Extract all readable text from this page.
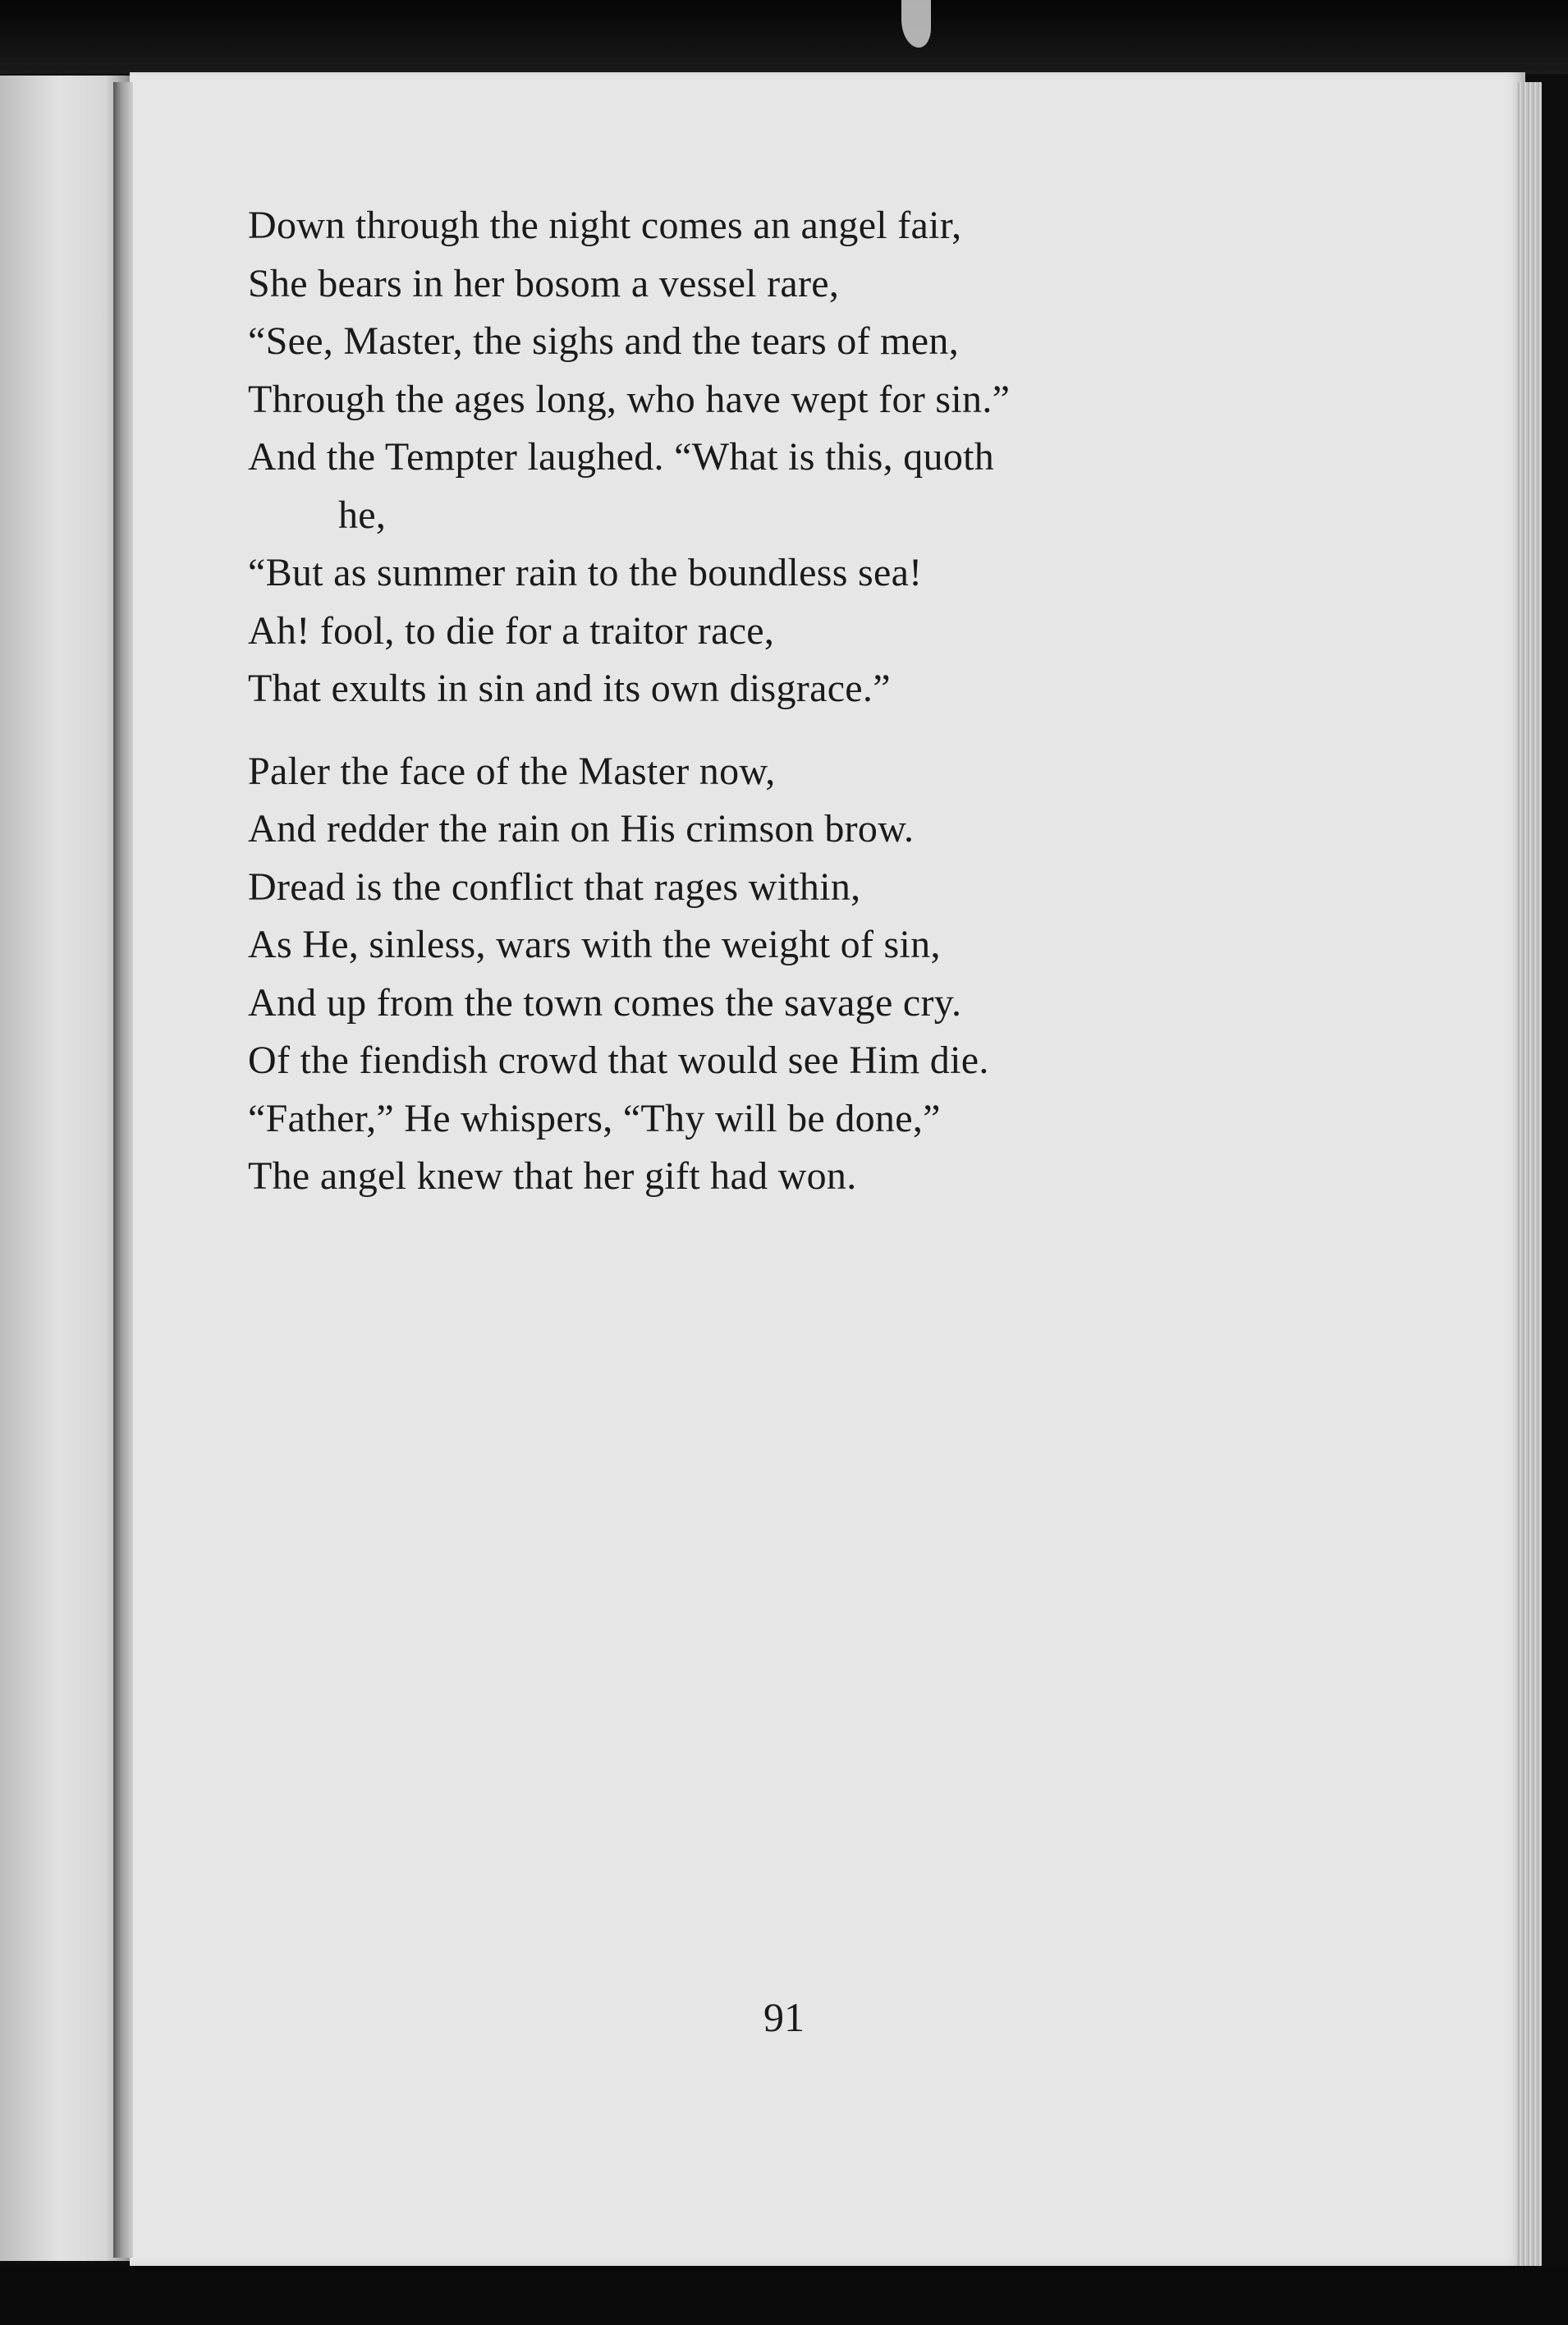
Down through the night comes an angel fair,
She bears in her bosom a vessel rare,
“See, Master, the sighs and the tears of men,
Through the ages long, who have wept for sin.”
And the Tempter laughed. “What is this, quoth
he,
“But as summer rain to the boundless sea!
Ah! fool, to die for a traitor race,
That exults in sin and its own disgrace.”
Paler the face of the Master now,
And redder the rain on His crimson brow.
Dread is the conflict that rages within,
As He, sinless, wars with the weight of sin,
And up from the town comes the savage cry.
Of the fiendish crowd that would see Him die.
“Father,” He whispers, “Thy will be done,”
The angel knew that her gift had won.
91
